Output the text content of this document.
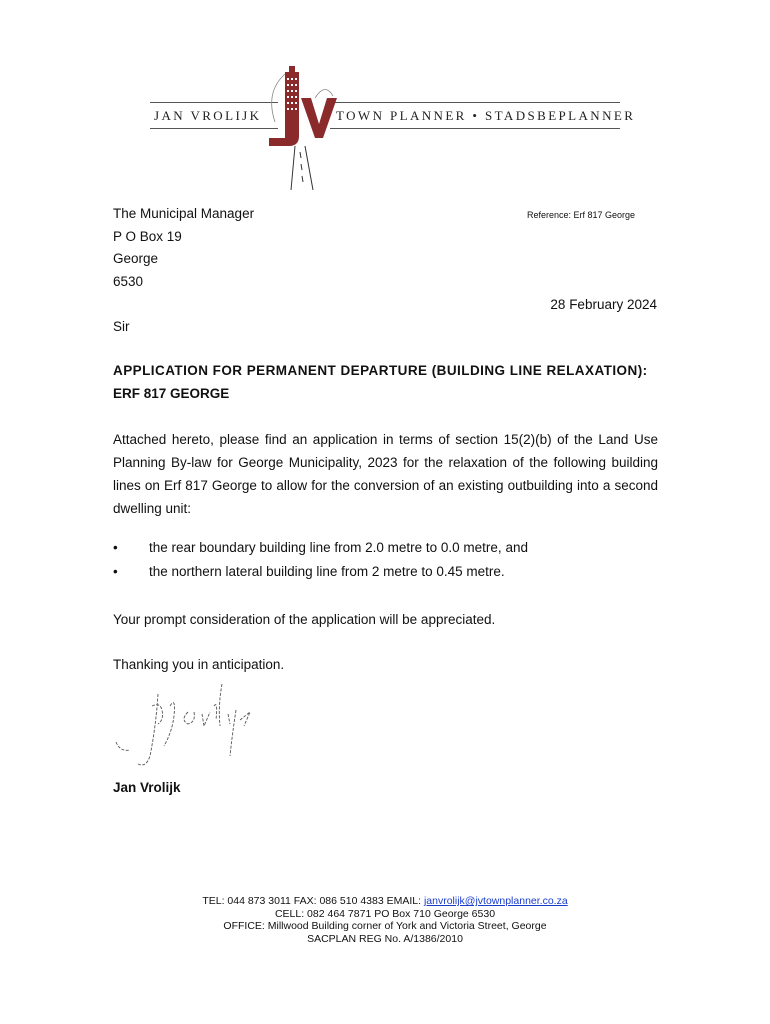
JAN VROLIJK	TOWN PLANNER • STADSBEPLANNER
The Municipal Manager
P O Box 19
George
6530
Reference: Erf 817 George
28 February 2024
Sir
APPLICATION FOR PERMANENT DEPARTURE (BUILDING LINE RELAXATION):
ERF 817 GEORGE
Attached hereto, please find an application in terms of section 15(2)(b) of the Land Use Planning By-law for George Municipality, 2023 for the relaxation of the following building lines on Erf 817 George to allow for the conversion of an existing outbuilding into a second dwelling unit:
• the rear boundary building line from 2.0 metre to 0.0 metre, and
• the northern lateral building line from 2 metre to 0.45 metre.
Your prompt consideration of the application will be appreciated.
Thanking you in anticipation.
Jan Vrolijk
TEL: 044 873 3011 FAX: 086 510 4383 EMAIL: janvrolijk@jvtownplanner.co.za
CELL: 082 464 7871 PO Box 710 George 6530
OFFICE: Millwood Building corner of York and Victoria Street, George
SACPLAN REG No. A/1386/2010
